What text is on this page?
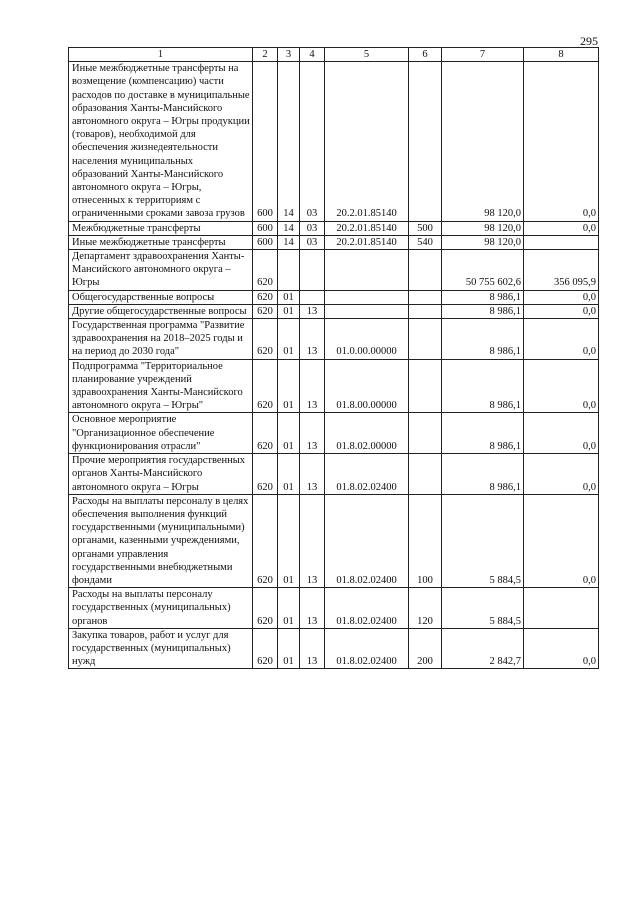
295
1	2	3	4	5	6	7	8
Иные межбюджетные трансферты на возмещение (компенсацию) части расходов по доставке в муниципальные образования Ханты-Мансийского автономного округа – Югры продукции (товаров), необходимой для обеспечения жизнедеятельности населения муниципальных образований Ханты-Мансийского автономного округа – Югры, отнесенных к территориям с ограниченными сроками завоза грузов	600	14	03	20.2.01.85140		98 120,0	0,0
Межбюджетные трансферты	600	14	03	20.2.01.85140	500	98 120,0	0,0
Иные межбюджетные трансферты	600	14	03	20.2.01.85140	540	98 120,0	
Департамент здравоохранения Ханты-Мансийского автономного округа – Югры	620					50 755 602,6	356 095,9
Общегосударственные вопросы	620	01				8 986,1	0,0
Другие общегосударственные вопросы	620	01	13			8 986,1	0,0
Государственная программа "Развитие здравоохранения на 2018–2025 годы и на период до 2030 года"	620	01	13	01.0.00.00000		8 986,1	0,0
Подпрограмма "Территориальное планирование учреждений здравоохранения Ханты-Мансийского автономного округа – Югры"	620	01	13	01.8.00.00000		8 986,1	0,0
Основное мероприятие "Организационное обеспечение функционирования отрасли"	620	01	13	01.8.02.00000		8 986,1	0,0
Прочие мероприятия государственных органов Ханты-Мансийского автономного округа – Югры	620	01	13	01.8.02.02400		8 986,1	0,0
Расходы на выплаты персоналу в целях обеспечения выполнения функций государственными (муниципальными) органами, казенными учреждениями, органами управления государственными внебюджетными фондами	620	01	13	01.8.02.02400	100	5 884,5	0,0
Расходы на выплаты персоналу государственных (муниципальных) органов	620	01	13	01.8.02.02400	120	5 884,5	
Закупка товаров, работ и услуг для государственных (муниципальных) нужд	620	01	13	01.8.02.02400	200	2 842,7	0,0
